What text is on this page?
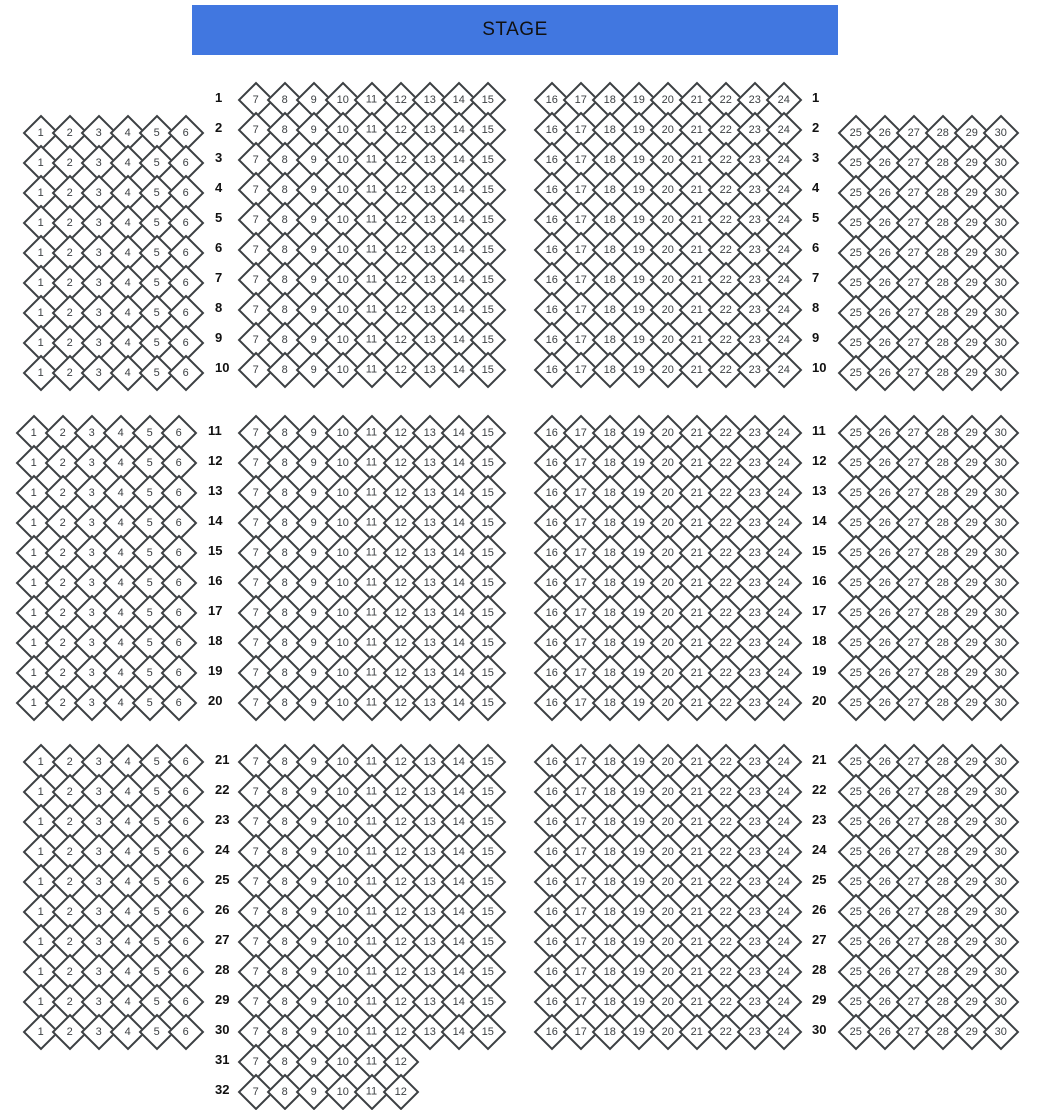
STAGE
1 2 3 4 5 6
1 2 3 4 5 6
1 2 3 4 5 6
1 2 3 4 5 6
1 2 3 4 5 6
1 2 3 4 5 6
1 2 3 4 5 6
1 2 3 4 5 6
1 2 3 4 5 6
7 8 9 10 11 12 13 14 15
7 8 9 10 11 12 13 14 15
7 8 9 10 11 12 13 14 15
7 8 9 10 11 12 13 14 15
7 8 9 10 11 12 13 14 15
7 8 9 10 11 12 13 14 15
7 8 9 10 11 12 13 14 15
7 8 9 10 11 12 13 14 15
7 8 9 10 11 12 13 14 15
7 8 9 10 11 12 13 14 15
16 17 18 19 20 21 22 23 24
16 17 18 19 20 21 22 23 24
16 17 18 19 20 21 22 23 24
16 17 18 19 20 21 22 23 24
16 17 18 19 20 21 22 23 24
16 17 18 19 20 21 22 23 24
16 17 18 19 20 21 22 23 24
16 17 18 19 20 21 22 23 24
16 17 18 19 20 21 22 23 24
16 17 18 19 20 21 22 23 24
25 26 27 28 29 30
25 26 27 28 29 30
25 26 27 28 29 30
25 26 27 28 29 30
25 26 27 28 29 30
25 26 27 28 29 30
25 26 27 28 29 30
25 26 27 28 29 30
25 26 27 28 29 30
1 2 3 4 5 6
1 2 3 4 5 6
1 2 3 4 5 6
1 2 3 4 5 6
1 2 3 4 5 6
1 2 3 4 5 6
1 2 3 4 5 6
1 2 3 4 5 6
1 2 3 4 5 6
1 2 3 4 5 6
7 8 9 10 11 12 13 14 15
7 8 9 10 11 12 13 14 15
7 8 9 10 11 12 13 14 15
7 8 9 10 11 12 13 14 15
7 8 9 10 11 12 13 14 15
7 8 9 10 11 12 13 14 15
7 8 9 10 11 12 13 14 15
7 8 9 10 11 12 13 14 15
7 8 9 10 11 12 13 14 15
7 8 9 10 11 12 13 14 15
16 17 18 19 20 21 22 23 24
16 17 18 19 20 21 22 23 24
16 17 18 19 20 21 22 23 24
16 17 18 19 20 21 22 23 24
16 17 18 19 20 21 22 23 24
16 17 18 19 20 21 22 23 24
16 17 18 19 20 21 22 23 24
16 17 18 19 20 21 22 23 24
16 17 18 19 20 21 22 23 24
16 17 18 19 20 21 22 23 24
25 26 27 28 29 30
25 26 27 28 29 30
25 26 27 28 29 30
25 26 27 28 29 30
25 26 27 28 29 30
25 26 27 28 29 30
25 26 27 28 29 30
25 26 27 28 29 30
25 26 27 28 29 30
25 26 27 28 29 30
1 2 3 4 5 6
1 2 3 4 5 6
1 2 3 4 5 6
1 2 3 4 5 6
1 2 3 4 5 6
1 2 3 4 5 6
1 2 3 4 5 6
1 2 3 4 5 6
1 2 3 4 5 6
1 2 3 4 5 6
7 8 9 10 11 12 13 14 15
7 8 9 10 11 12 13 14 15
7 8 9 10 11 12 13 14 15
7 8 9 10 11 12 13 14 15
7 8 9 10 11 12 13 14 15
7 8 9 10 11 12 13 14 15
7 8 9 10 11 12 13 14 15
7 8 9 10 11 12 13 14 15
7 8 9 10 11 12 13 14 15
7 8 9 10 11 12 13 14 15
16 17 18 19 20 21 22 23 24
16 17 18 19 20 21 22 23 24
16 17 18 19 20 21 22 23 24
16 17 18 19 20 21 22 23 24
16 17 18 19 20 21 22 23 24
16 17 18 19 20 21 22 23 24
16 17 18 19 20 21 22 23 24
16 17 18 19 20 21 22 23 24
16 17 18 19 20 21 22 23 24
16 17 18 19 20 21 22 23 24
25 26 27 28 29 30
25 26 27 28 29 30
25 26 27 28 29 30
25 26 27 28 29 30
25 26 27 28 29 30
25 26 27 28 29 30
25 26 27 28 29 30
25 26 27 28 29 30
25 26 27 28 29 30
25 26 27 28 29 30
7 8 9 10 11 12
7 8 9 10 11 12
1
2
3
4
5
6
7
8
9
10
1
2
3
4
5
6
7
8
9
10
11
12
13
14
15
16
17
18
19
20
11
12
13
14
15
16
17
18
19
20
21
22
23
24
25
26
27
28
29
30
21
22
23
24
25
26
27
28
29
30
31
32
